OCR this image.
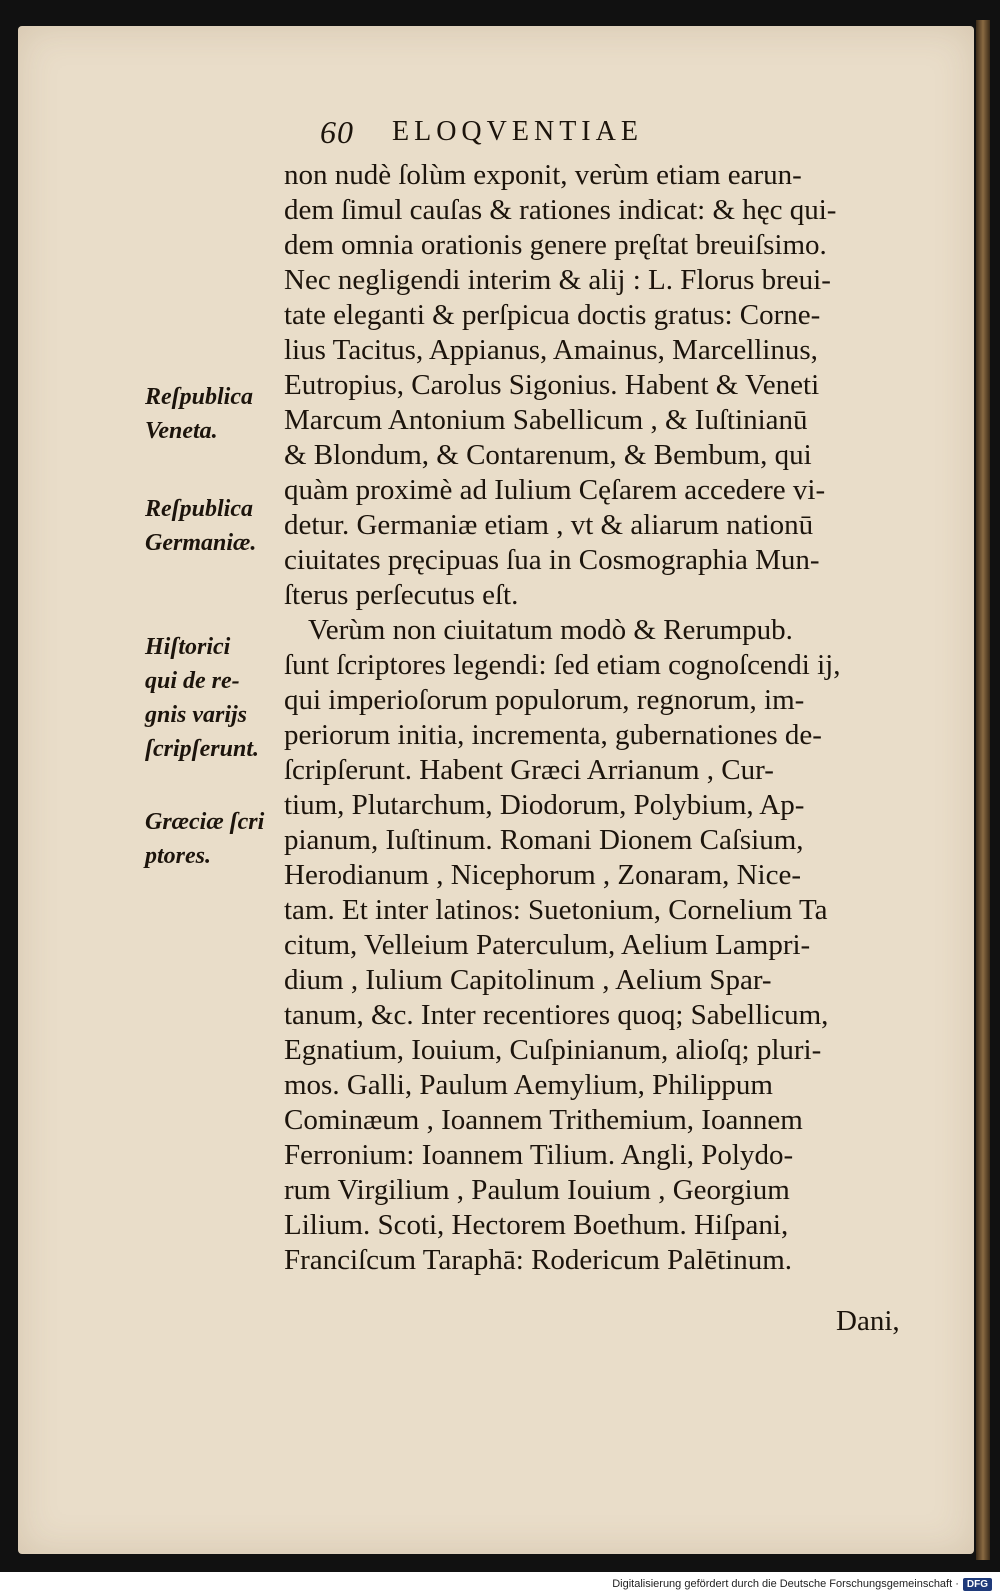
60 ELOQVENTIAE
non nudè ſolùm exponit, verùm etiam earun-
dem ſimul cauſas & rationes indicat: & hęc qui-
dem omnia orationis genere pręſtat breuiſsimo.
Nec negligendi interim & alij : L. Florus breui-
tate eleganti & perſpicua doctis gratus: Corne-
lius Tacitus, Appianus, Amainus, Marcellinus,
Eutropius, Carolus Sigonius. Habent & Veneti
Marcum Antonium Sabellicum , & Iuſtinianū
& Blondum, & Contarenum, & Bembum, qui
quàm proximè ad Iulium Cęſarem accedere vi-
detur. Germaniæ etiam , vt & aliarum nationū
ciuitates pręcipuas ſua in Cosmographia Mun-
ſterus perſecutus eſt.
Verùm non ciuitatum modò & Rerumpub.
ſunt ſcriptores legendi: ſed etiam cognoſcendi ij,
qui imperioſorum populorum, regnorum, im-
periorum initia, incrementa, gubernationes de-
ſcripſerunt. Habent Græci Arrianum , Cur-
tium, Plutarchum, Diodorum, Polybium, Ap-
pianum, Iuſtinum. Romani Dionem Caſsium,
Herodianum , Nicephorum , Zonaram, Nice-
tam. Et inter latinos: Suetonium, Cornelium Ta
citum, Velleium Paterculum, Aelium Lampri-
dium , Iulium Capitolinum , Aelium Spar-
tanum, &c. Inter recentiores quoq; Sabellicum,
Egnatium, Iouium, Cuſpinianum, alioſq; pluri-
mos. Galli, Paulum Aemylium, Philippum
Cominæum , Ioannem Trithemium, Ioannem
Ferronium: Ioannem Tilium. Angli, Polydo-
rum Virgilium , Paulum Iouium , Georgium
Lilium. Scoti, Hectorem Boethum. Hiſpani,
Franciſcum Taraphā: Rodericum Palētinum.
Reſpublica
Veneta.
Reſpublica
Germaniæ.
Hiſtorici
qui de re-
gnis varijs
ſcripſerunt.
Græciæ ſcri
ptores.
Dani,
Digitalisierung gefördert durch die Deutsche Forschungsgemeinschaft · DFG
